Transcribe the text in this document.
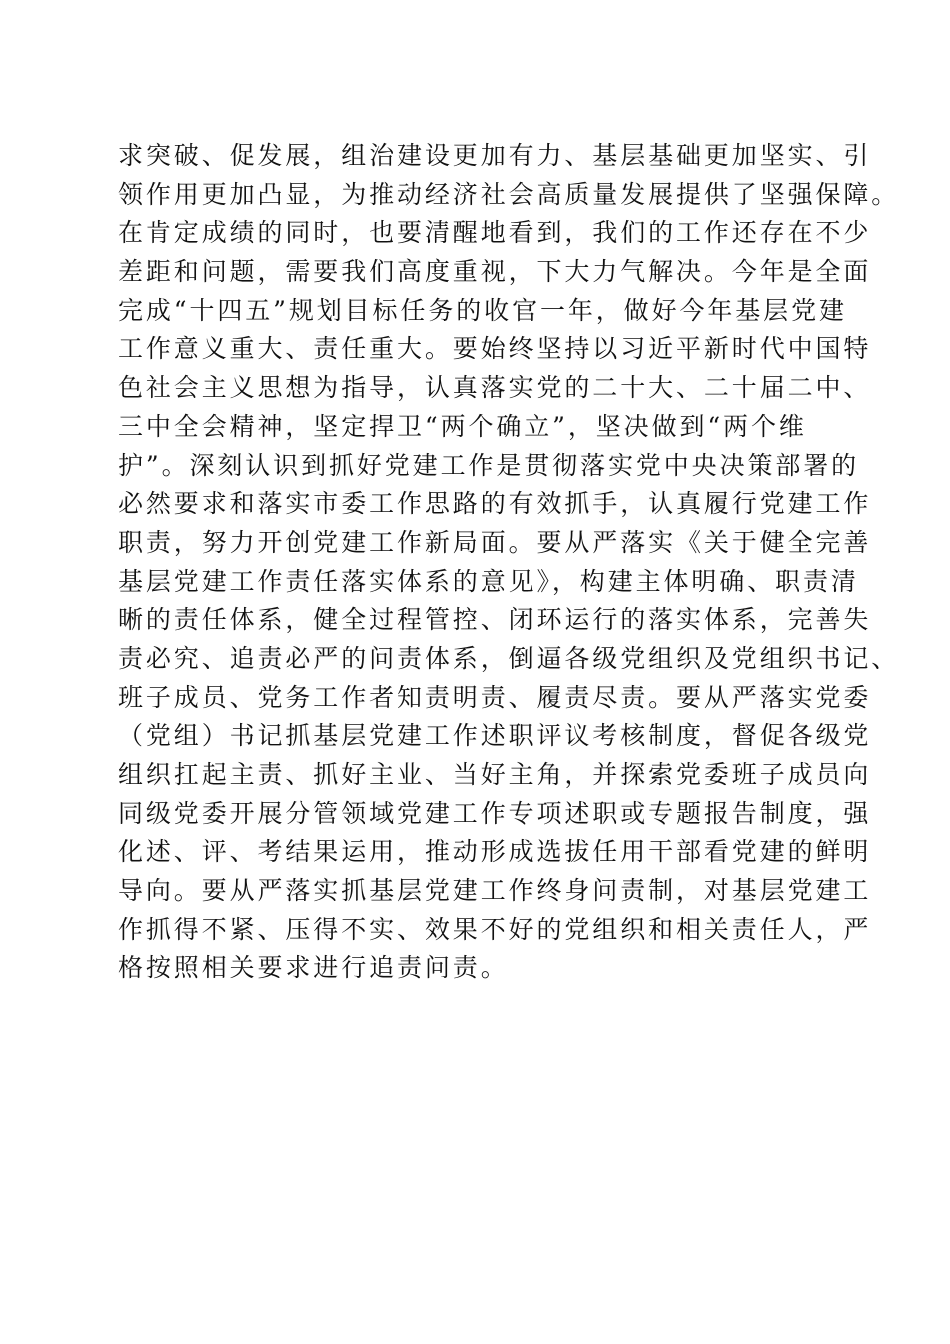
求突破、促发展，组治建设更加有力、基层基础更加坚实、引
领作用更加凸显，为推动经济社会高质量发展提供了坚强保障。
在肯定成绩的同时，也要清醒地看到，我们的工作还存在不少
差距和问题，需要我们高度重视，下大力气解决。今年是全面
完成“十四五”规划目标任务的收官一年，做好今年基层党建
工作意义重大、责任重大。要始终坚持以习近平新时代中国特
色社会主义思想为指导，认真落实党的二十大、二十届二中、
三中全会精神，坚定捍卫“两个确立”，坚决做到“两个维
护”。深刻认识到抓好党建工作是贯彻落实党中央决策部署的
必然要求和落实市委工作思路的有效抓手，认真履行党建工作
职责，努力开创党建工作新局面。要从严落实《关于健全完善
基层党建工作责任落实体系的意见》，构建主体明确、职责清
晰的责任体系，健全过程管控、闭环运行的落实体系，完善失
责必究、追责必严的问责体系，倒逼各级党组织及党组织书记、
班子成员、党务工作者知责明责、履责尽责。要从严落实党委
（党组）书记抓基层党建工作述职评议考核制度，督促各级党
组织扛起主责、抓好主业、当好主角，并探索党委班子成员向
同级党委开展分管领域党建工作专项述职或专题报告制度，强
化述、评、考结果运用，推动形成选拔任用干部看党建的鲜明
导向。要从严落实抓基层党建工作终身问责制，对基层党建工
作抓得不紧、压得不实、效果不好的党组织和相关责任人，严
格按照相关要求进行追责问责。
